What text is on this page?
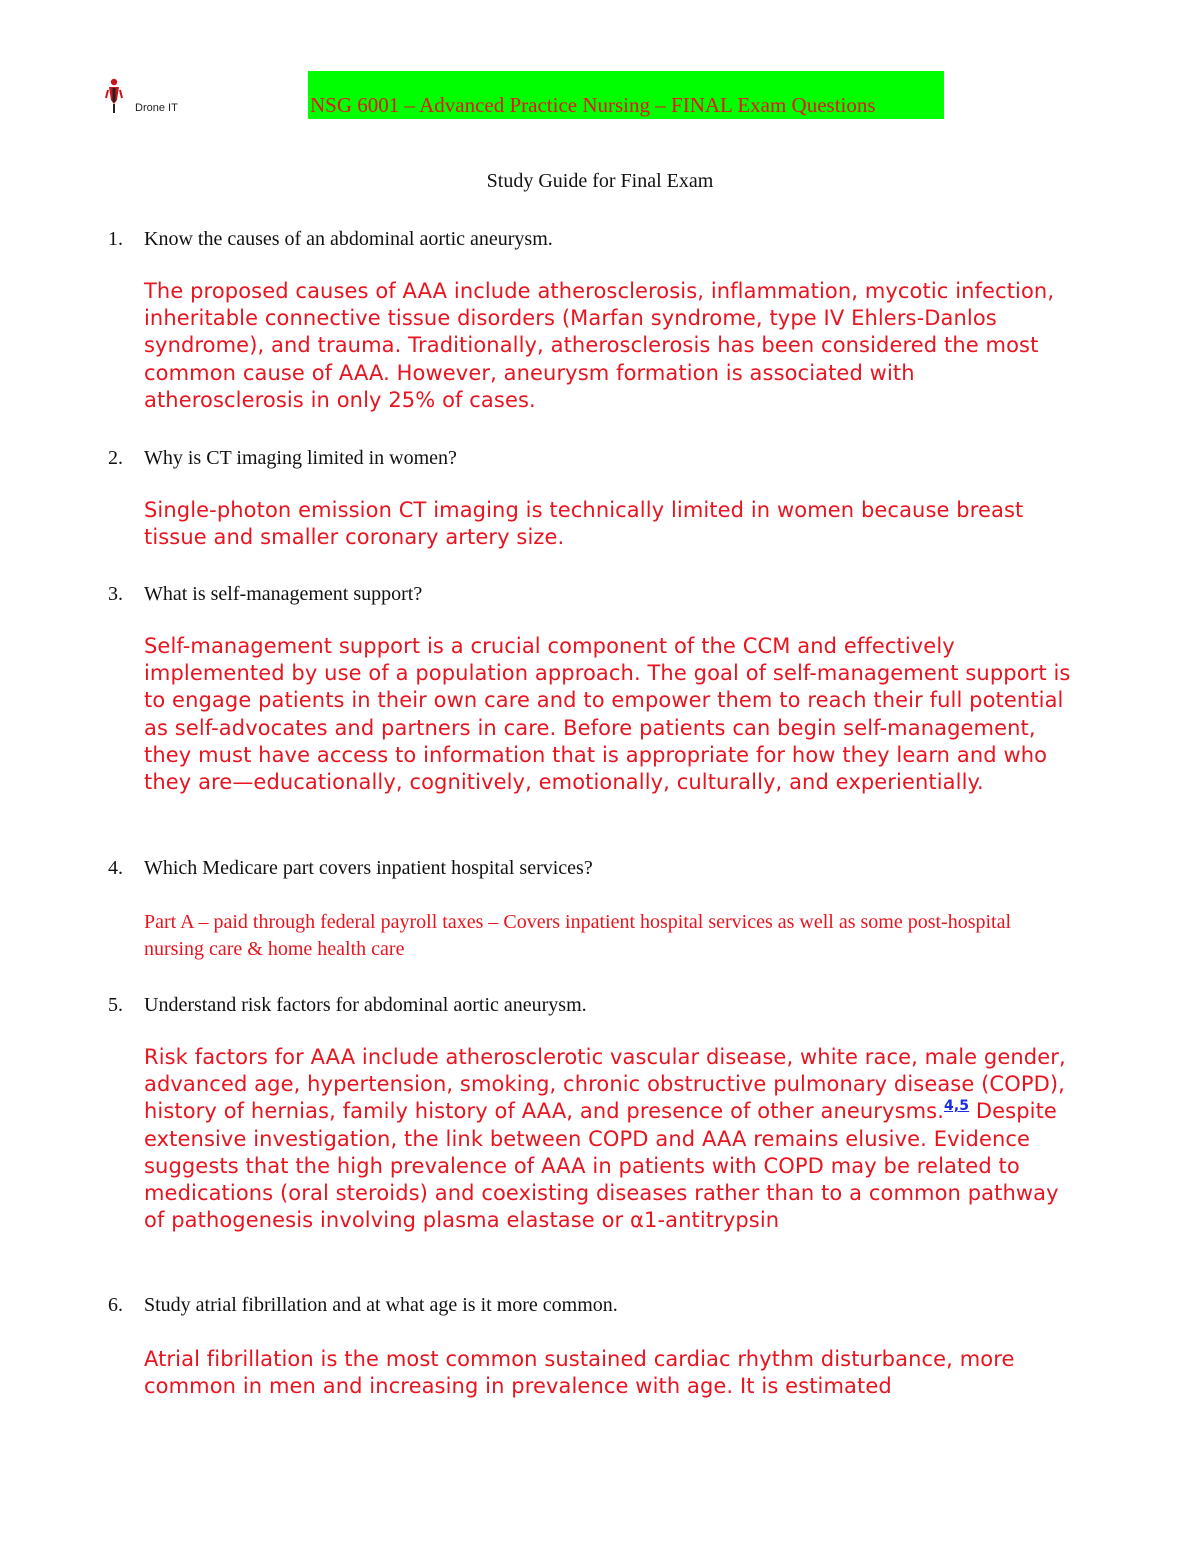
Drone IT	NSG 6001 – Advanced Practice Nursing – FINAL Exam Questions
Study Guide for Final Exam
1. Know the causes of an abdominal aortic aneurysm.

The proposed causes of AAA include atherosclerosis, inflammation, mycotic infection, inheritable connective tissue disorders (Marfan syndrome, type IV Ehlers-Danlos syndrome), and trauma. Traditionally, atherosclerosis has been considered the most common cause of AAA. However, aneurysm formation is associated with atherosclerosis in only 25% of cases.

2. Why is CT imaging limited in women?

Single-photon emission CT imaging is technically limited in women because breast tissue and smaller coronary artery size.

3. What is self-management support?

Self-management support is a crucial component of the CCM and effectively implemented by use of a population approach. The goal of self-management support is to engage patients in their own care and to empower them to reach their full potential as self-advocates and partners in care. Before patients can begin self-management, they must have access to information that is appropriate for how they learn and who they are—educationally, cognitively, emotionally, culturally, and experientially.

4. Which Medicare part covers inpatient hospital services?

Part A – paid through federal payroll taxes – Covers inpatient hospital services as well as some post-hospital nursing care & home health care

5. Understand risk factors for abdominal aortic aneurysm.

Risk factors for AAA include atherosclerotic vascular disease, white race, male gender, advanced age, hypertension, smoking, chronic obstructive pulmonary disease (COPD), history of hernias, family history of AAA, and presence of other aneurysms.$^{4,5}$ Despite extensive investigation, the link between COPD and AAA remains elusive. Evidence suggests that the high prevalence of AAA in patients with COPD may be related to medications (oral steroids) and coexisting diseases rather than to a common pathway of pathogenesis involving plasma elastase or α1-antitrypsin

6. Study atrial fibrillation and at what age is it more common.

Atrial fibrillation is the most common sustained cardiac rhythm disturbance, more common in men and increasing in prevalence with age. It is estimated
